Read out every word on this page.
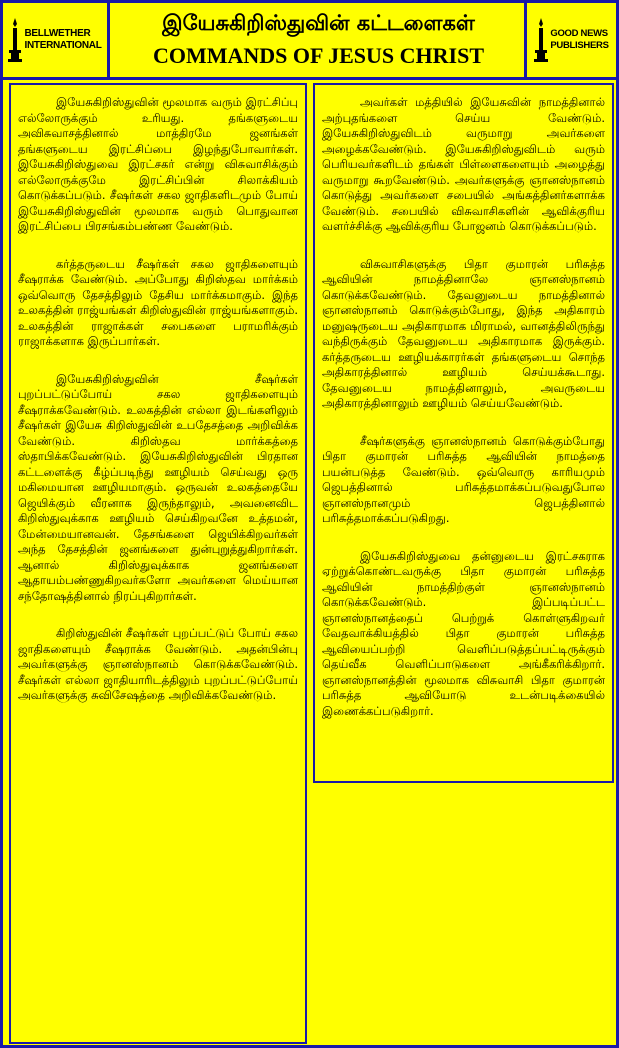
BELLWETHER
INTERNATIONAL
இயேசுகிறிஸ்துவின் கட்டளைகள்
COMMANDS OF JESUS CHRIST
GOOD NEWS
PUBLISHERS

இயேசுகிறிஸ்துவின் மூலமாக வரும் இரட்சிப்பு எல்லோருக்கும் உரியது. தங்களுடைய அவிசுவாசத்தினால் மாத்திரமே ஜனங்கள் தங்களுடைய இரட்சிப்பை இழந்துபோவார்கள். இயேசுகிறிஸ்துவை இரட்சகர் என்று விசுவாசிக்கும் எல்லோருக்குமே இரட்சிப்பின் சிலாக்கியம் கொடுக்கப்படும். சீஷர்கள் சகல ஜாதிகளிடமும் போய் இயேசுகிறிஸ்துவின் மூலமாக வரும் பொதுவான இரட்சிப்பை பிரசங்கம்பண்ண வேண்டும்.

கர்த்தருடைய சீஷர்கள் சகல ஜாதிகளையும் சீஷராக்க வேண்டும். அப்போது கிறிஸ்தவ மார்க்கம் ஒவ்வொரு தேசத்திலும் தேசிய மார்க்கமாகும். இந்த உலகத்தின் ராஜ்யங்கள் கிறிஸ்துவின் ராஜ்யங்களாகும். உலகத்தின் ராஜாக்கள் சபைகளை பராமரிக்கும் ராஜாக்களாக இருப்பார்கள்.

இயேசுகிறிஸ்துவின் சீஷர்கள் புறப்பட்டுப்போய் சகல ஜாதிகளையும் சீஷராக்கவேண்டும். உலகத்தின் எல்லா இடங்களிலும் சீஷர்கள் இயேசு கிறிஸ்துவின் உபதேசத்தை அறிவிக்க வேண்டும். கிறிஸ்தவ மார்க்கத்தை ஸ்தாபிக்கவேண்டும். இயேசுகிறிஸ்துவின் பிரதான கட்டளைக்கு கீழ்ப்படிந்து ஊழியம் செய்வது ஒரு மகிமையான ஊழியமாகும். ஒருவன் உலகத்தையே ஜெயிக்கும் வீரனாக இருந்தாலும், அவனைவிட கிறிஸ்துவுக்காக ஊழியம் செய்கிறவனே உத்தமன், மேன்மையானவன். தேசங்களை ஜெயிக்கிறவர்கள் அந்த தேசத்தின் ஜனங்களை துன்புறுத்துகிறார்கள். ஆனால் கிறிஸ்துவுக்காக ஜனங்களை ஆதாயம்பண்ணுகிறவர்களோ அவர்களை மெய்யான சந்தோஷத்தினால் நிரப்புகிறார்கள்.

கிறிஸ்துவின் சீஷர்கள் புறப்பட்டுப் போய் சகல ஜாதிகளையும் சீஷராக்க வேண்டும். அதன்பின்பு அவர்களுக்கு ஞானஸ்நானம் கொடுக்கவேண்டும். சீஷர்கள் எல்லா ஜாதியாரிடத்திலும் புறப்பட்டுப்போய் அவர்களுக்கு சுவிசேஷத்தை அறிவிக்கவேண்டும்.

அவர்கள் மத்தியில் இயேசுவின் நாமத்தினால் அற்புதங்களை செய்ய வேண்டும். இயேசுகிறிஸ்துவிடம் வருமாறு அவர்களை அழைக்கவேண்டும். இயேசுகிறிஸ்துவிடம் வரும் பெரியவர்களிடம் தங்கள் பிள்ளைகளையும் அழைத்து வருமாறு கூறவேண்டும். அவர்களுக்கு ஞானஸ்நானம் கொடுத்து அவர்களை சபையில் அங்கத்தினர்களாக்க வேண்டும். சபையில் விசுவாசிகளின் ஆவிக்குரிய வளர்ச்சிக்கு ஆவிக்குரிய போஜனம் கொடுக்கப்படும்.

விசுவாசிகளுக்கு பிதா குமாரன் பரிசுத்த ஆவியின் நாமத்தினாலே ஞானஸ்நானம் கொடுக்கவேண்டும். தேவனுடைய நாமத்தினால் ஞானஸ்நானம் கொடுக்கும்போது, இந்த அதிகாரம் மனுஷருடைய அதிகாரமாக மிராமல், வானத்திலிருந்து வந்திருக்கும் தேவனுடைய அதிகாரமாக இருக்கும். கர்த்தருடைய ஊழியக்காரர்கள் தங்களுடைய சொந்த அதிகாரத்தினால் ஊழியம் செய்யக்கூடாது. தேவனுடைய நாமத்தினாலும், அவருடைய அதிகாரத்தினாலும் ஊழியம் செய்யவேண்டும்.

சீஷர்களுக்கு ஞானஸ்நானம் கொடுக்கும்போது பிதா குமாரன் பரிசுத்த ஆவியின் நாமத்தை பயன்படுத்த வேண்டும். ஒவ்வொரு காரியமும் ஜெபத்தினால் பரிசுத்தமாக்கப்படுவதுபோல ஞானஸ்நானமும் ஜெபத்தினால் பரிசுத்தமாக்கப்படுகிறது.

இயேசுகிறிஸ்துவை தன்னுடைய இரட்சகராக ஏற்றுக்கொண்டவருக்கு பிதா குமாரன் பரிசுத்த ஆவியின் நாமத்திற்குள் ஞானஸ்நானம் கொடுக்கவேண்டும். இப்படிப்பட்ட ஞானஸ்நானத்தைப் பெற்றுக் கொள்ளுகிறவர் வேதவாக்கியத்தில் பிதா குமாரன் பரிசுத்த ஆவியைப்பற்றி வெளிப்படுத்தப்பட்டிருக்கும் தெய்வீக வெளிப்பாடுகளை அங்கீகரிக்கிறார். ஞானஸ்நானத்தின் மூலமாக விசுவாசி பிதா குமாரன் பரிசுத்த ஆவியோடு உடன்படிக்கையில் இணைக்கப்படுகிறார்.
